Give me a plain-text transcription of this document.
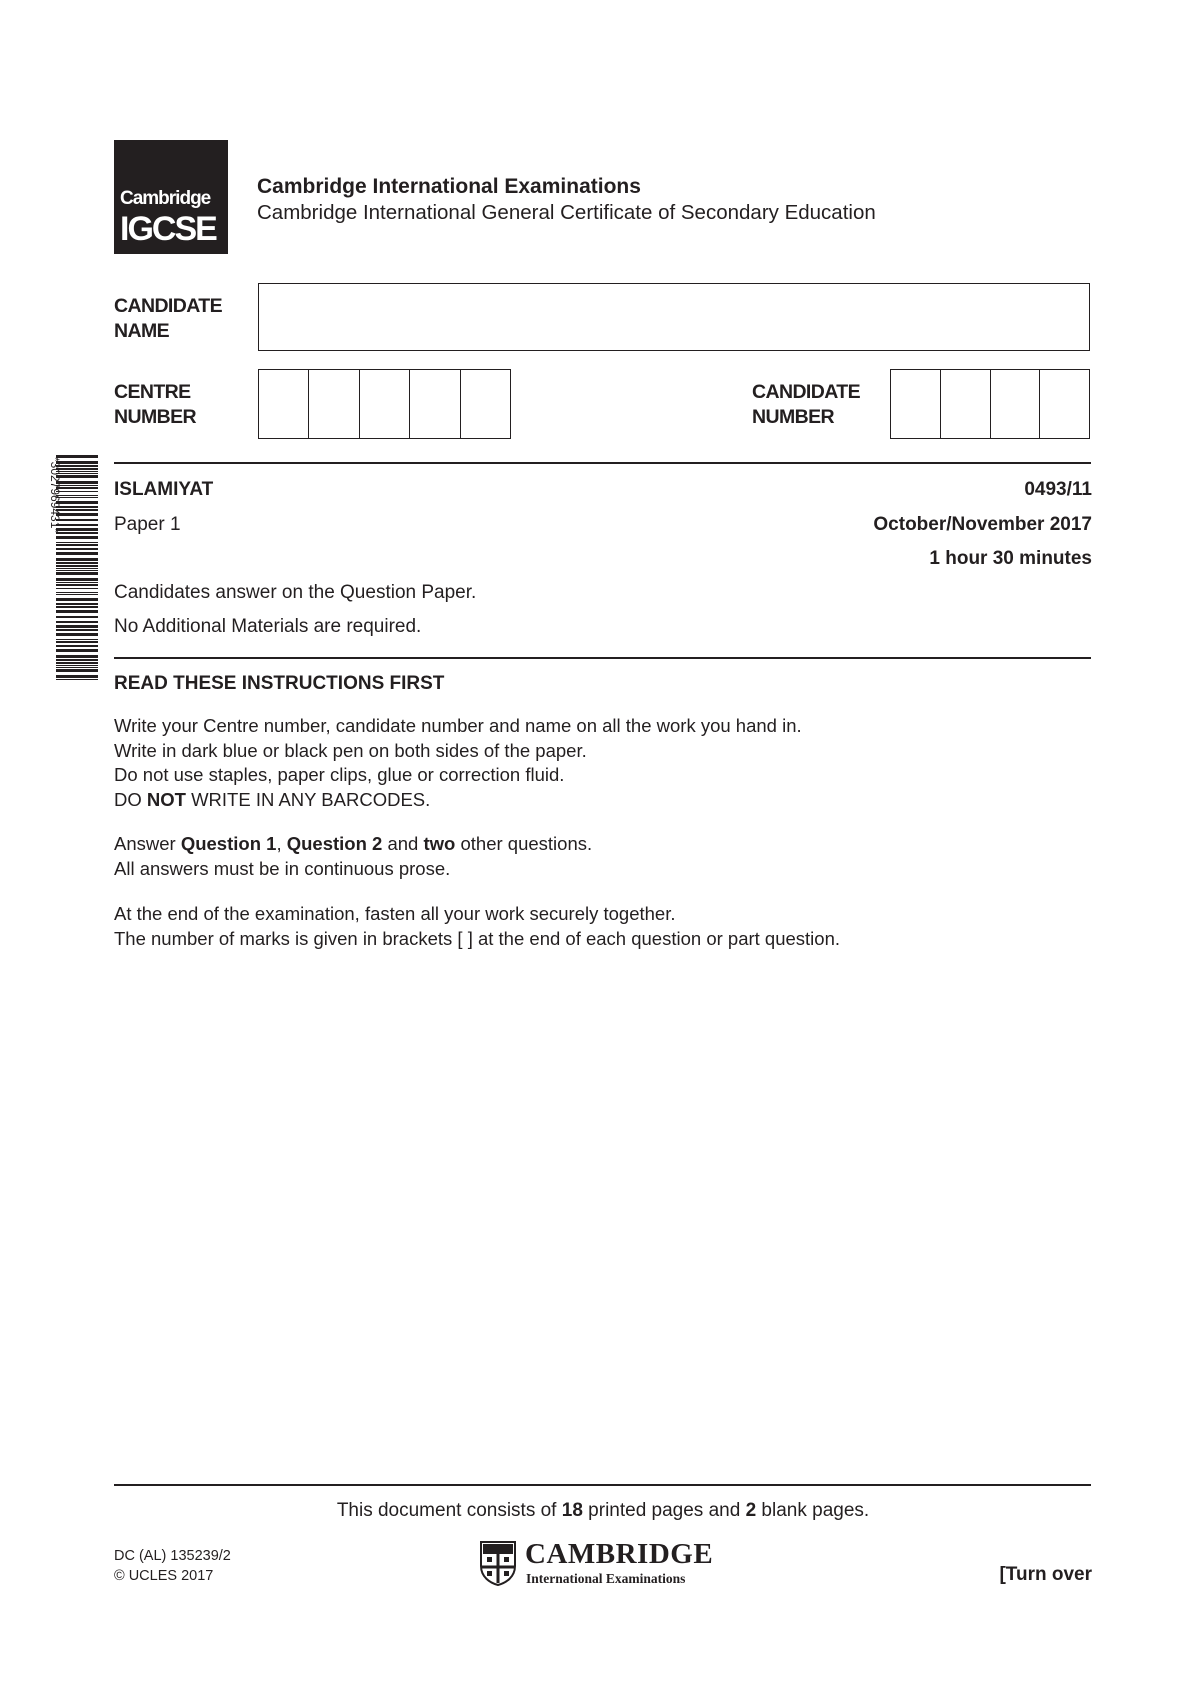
Cambridge
IGCSE
Cambridge International Examinations
Cambridge International General Certificate of Secondary Education
CANDIDATE
NAME
CENTRE
NUMBER
CANDIDATE
NUMBER
*3027969431*	ISLAMIYAT	0493/11
Paper 1	October/November 2017
1 hour 30 minutes
Candidates answer on the Question Paper.
No Additional Materials are required.
READ THESE INSTRUCTIONS FIRST
Write your Centre number, candidate number and name on all the work you hand in.
Write in dark blue or black pen on both sides of the paper.
Do not use staples, paper clips, glue or correction fluid.
DO NOT WRITE IN ANY BARCODES.
Answer Question 1, Question 2 and two other questions.
All answers must be in continuous prose.
At the end of the examination, fasten all your work securely together.
The number of marks is given in brackets [ ] at the end of each question or part question.
This document consists of 18 printed pages and 2 blank pages.
DC (AL) 135239/2
© UCLES 2017
CAMBRIDGE
International Examinations	[Turn over
